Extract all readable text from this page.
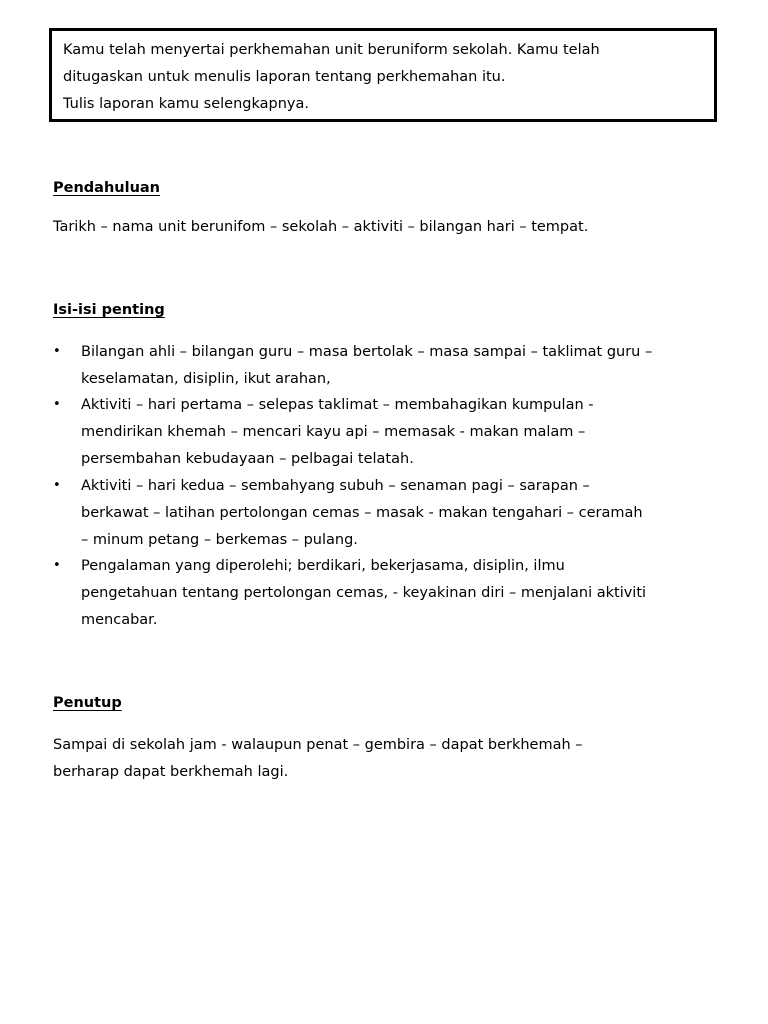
Kamu telah menyertai perkhemahan unit beruniform sekolah. Kamu telah
ditugaskan untuk menulis laporan tentang perkhemahan itu.
Tulis laporan kamu selengkapnya.
Pendahuluan
Tarikh – nama unit berunifom – sekolah – aktiviti – bilangan hari – tempat.
Isi-isi penting
• Bilangan ahli – bilangan guru – masa bertolak – masa sampai – taklimat guru –
keselamatan, disiplin, ikut arahan,
• Aktiviti – hari pertama – selepas taklimat – membahagikan kumpulan -
mendirikan khemah – mencari kayu api – memasak - makan malam –
persembahan kebudayaan – pelbagai telatah.
• Aktiviti – hari kedua – sembahyang subuh – senaman pagi – sarapan –
berkawat – latihan pertolongan cemas – masak - makan tengahari – ceramah
– minum petang – berkemas – pulang.
• Pengalaman yang diperolehi; berdikari, bekerjasama, disiplin, ilmu
pengetahuan tentang pertolongan cemas, - keyakinan diri – menjalani aktiviti
mencabar.
Penutup
Sampai di sekolah jam - walaupun penat – gembira – dapat berkhemah –
berharap dapat berkhemah lagi.
